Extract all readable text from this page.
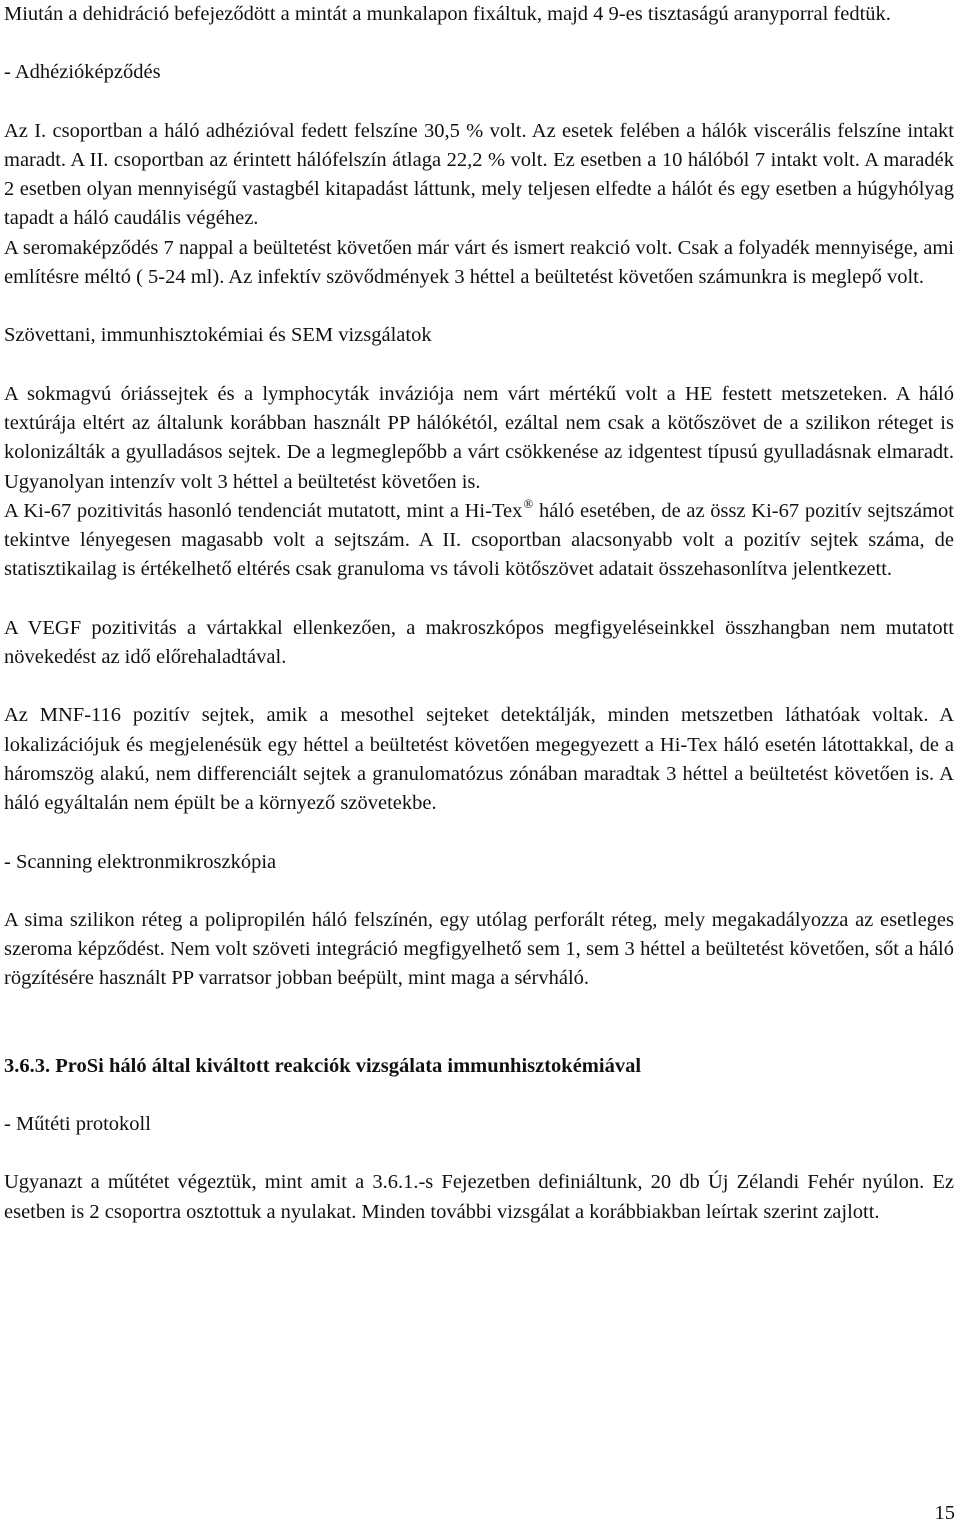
Miután a dehidráció befejeződött a mintát a munkalapon fixáltuk, majd 4 9-es tisztaságú aranyporral fedtük.

- Adhézióképződés

Az I. csoportban a háló adhézióval fedett felszíne 30,5 % volt. Az esetek felében a hálók viscerális felszíne intakt maradt. A II. csoportban az érintett hálófelszín átlaga 22,2 % volt. Ez esetben a 10 hálóból 7 intakt volt. A maradék 2 esetben olyan mennyiségű vastagbél kitapadást láttunk, mely teljesen elfedte a hálót és egy esetben a húgyhólyag tapadt a háló caudális végéhez.

A seromaképződés 7 nappal a beültetést követően már várt és ismert reakció volt. Csak a folyadék mennyisége, ami említésre méltó ( 5-24 ml). Az infektív szövődmények 3 héttel a beültetést követően számunkra is meglepő volt.

Szövettani, immunhisztokémiai és SEM vizsgálatok

A sokmagvú óriássejtek és a lymphocyták inváziója nem várt mértékű volt a HE festett metszeteken. A háló textúrája eltért az általunk korábban használt PP hálókétól, ezáltal nem csak a kötőszövet de a szilikon réteget is kolonizálták a gyulladásos sejtek. De a legmeglepőbb a várt csökkenése az idgentest típusú gyulladásnak elmaradt. Ugyanolyan intenzív volt 3 héttel a beültetést követően is.

A Ki-67 pozitivitás hasonló tendenciát mutatott, mint a Hi-Tex® háló esetében, de az össz Ki-67 pozitív sejtszámot tekintve lényegesen magasabb volt a sejtszám. A II. csoportban alacsonyabb volt a pozitív sejtek száma, de statisztikailag is értékelhető eltérés csak granuloma vs távoli kötőszövet adatait összehasonlítva jelentkezett.

A VEGF pozitivitás a vártakkal ellenkezően, a makroszkópos megfigyeléseinkkel összhangban nem mutatott növekedést az idő előrehaladtával.

Az MNF-116 pozitív sejtek, amik a mesothel sejteket detektálják, minden metszetben láthatóak voltak. A lokalizációjuk és megjelenésük egy héttel a beültetést követően megegyezett a Hi-Tex háló esetén látottakkal, de a háromszög alakú, nem differenciált sejtek a granulomatózus zónában maradtak 3 héttel a beültetést követően is. A háló egyáltalán nem épült be a környező szövetekbe.

- Scanning elektronmikroszkópia

A sima szilikon réteg a polipropilén háló felszínén, egy utólag perforált réteg, mely megakadályozza az esetleges szeroma képződést. Nem volt szöveti integráció megfigyelhető sem 1, sem 3 héttel a beültetést követően, sőt a háló rögzítésére használt PP varratsor jobban beépült, mint maga a sérvháló.

3.6.3. ProSi háló által kiváltott reakciók vizsgálata immunhisztokémiával

- Műtéti protokoll

Ugyanazt a műtétet végeztük, mint amit a 3.6.1.-s Fejezetben definiáltunk, 20 db Új Zélandi Fehér nyúlon. Ez esetben is 2 csoportra osztottuk a nyulakat. Minden további vizsgálat a korábbiakban leírtak szerint zajlott.

15
